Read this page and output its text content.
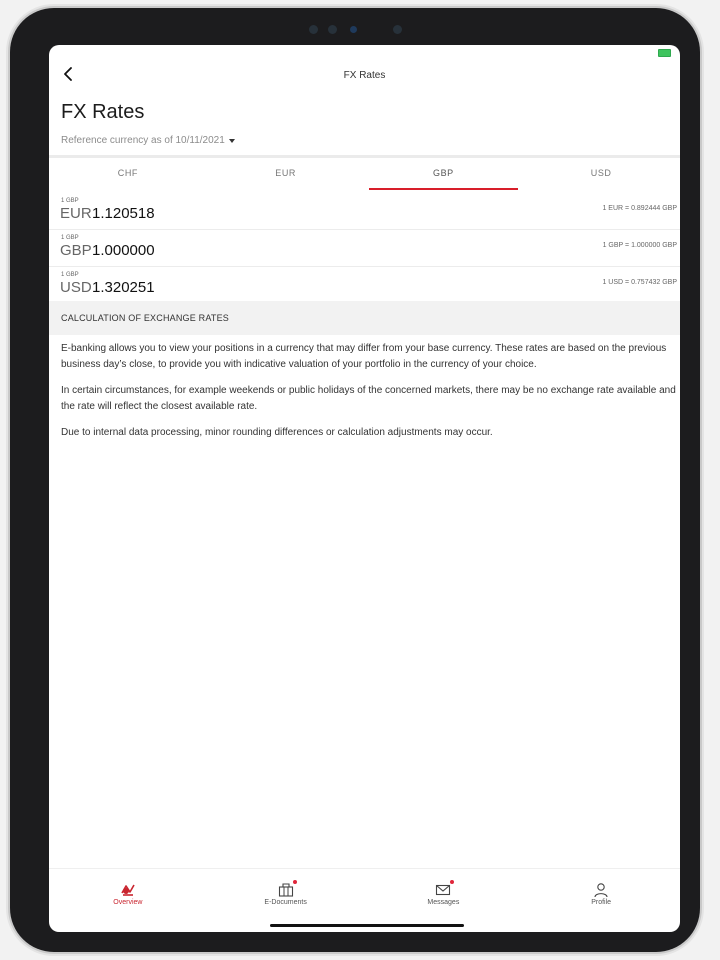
FX Rates
FX Rates
Reference currency as of 10/11/2021
CHF	EUR	GBP	USD
1 GBP
EUR 1.120518	1 EUR = 0.892444 GBP
1 GBP
GBP 1.000000	1 GBP = 1.000000 GBP
1 GBP
USD 1.320251	1 USD = 0.757432 GBP
CALCULATION OF EXCHANGE RATES

E-banking allows you to view your positions in a currency that may differ from your base currency. These rates are based on the previous business day’s close, to provide you with indicative valuation of your portfolio in the currency of your choice.

In certain circumstances, for example weekends or public holidays of the concerned markets, there may be no exchange rate available and the rate will reflect the closest available rate.

Due to internal data processing, minor rounding differences or calculation adjustments may occur.

Overview	E-Documents	Messages	Profile
